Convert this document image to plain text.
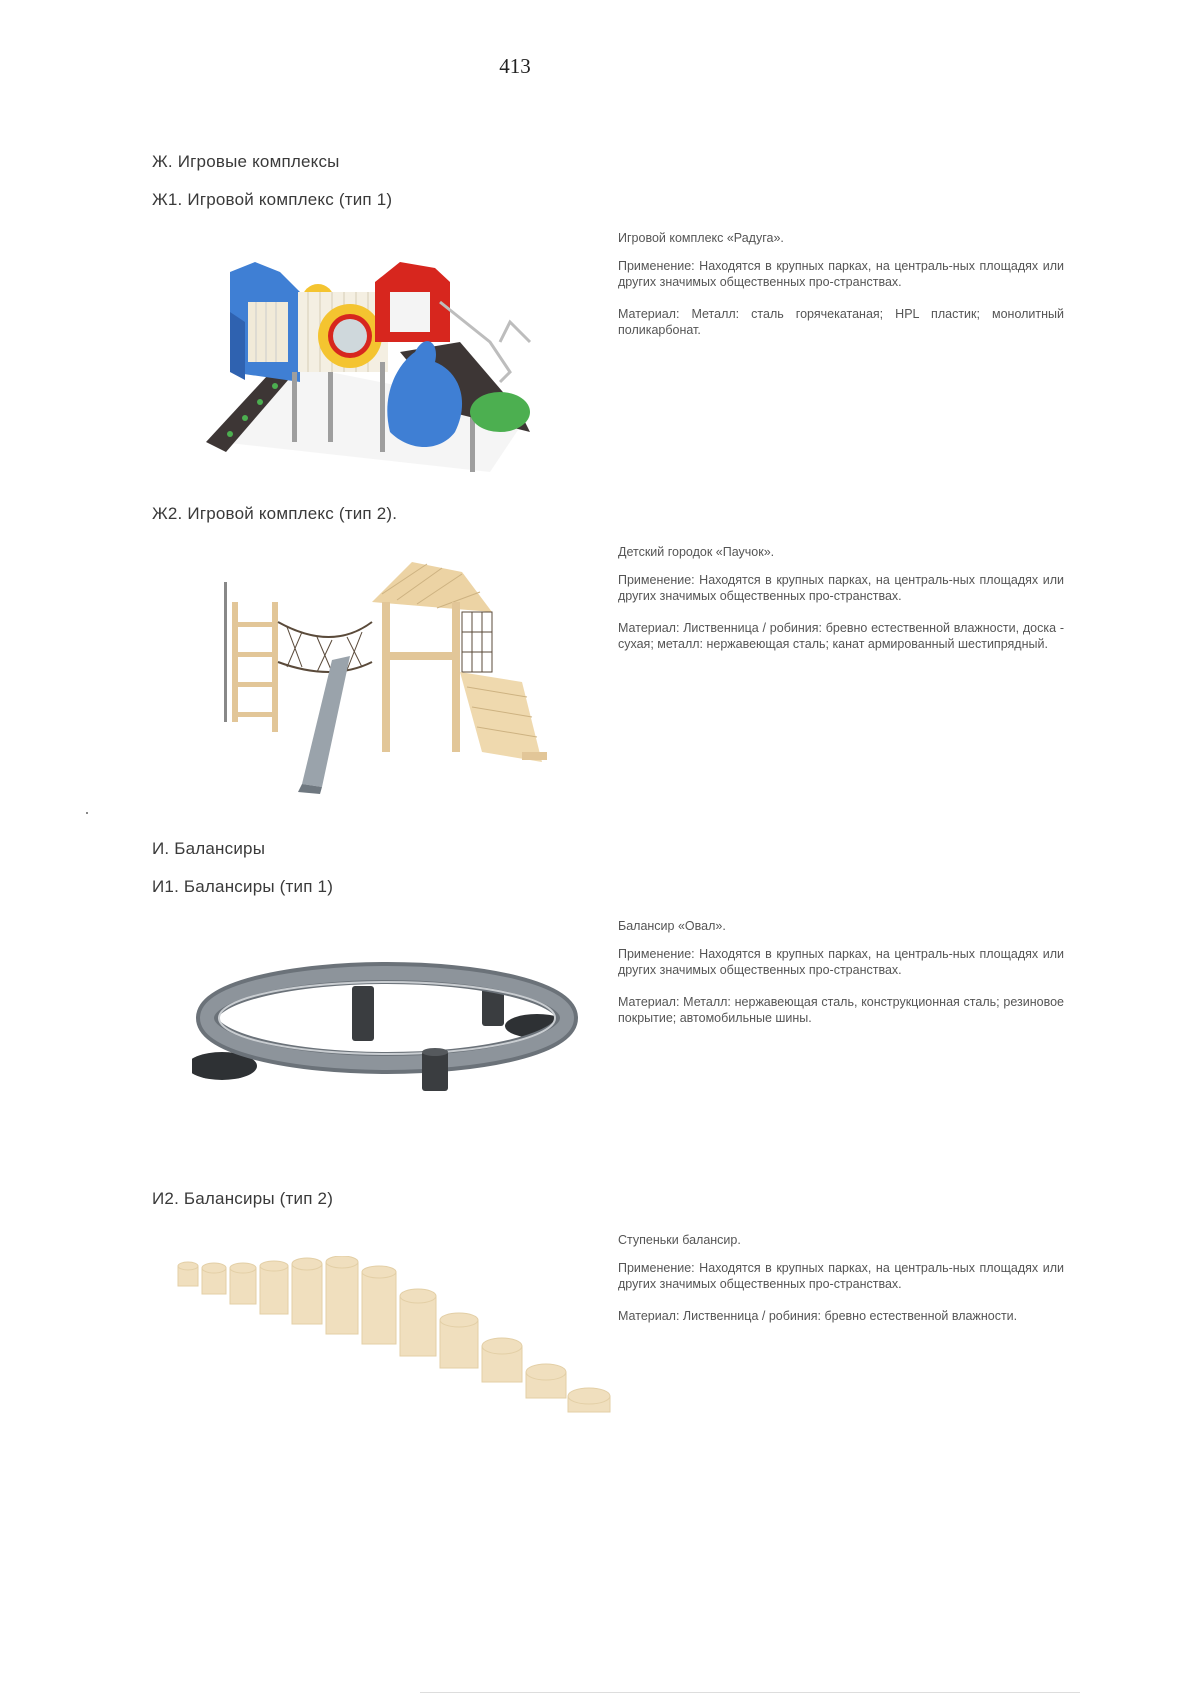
413
Ж. Игровые комплексы
Ж1. Игровой комплекс (тип 1)

Игровой комплекс «Радуга».

Применение: Находятся в крупных парках, на централь-ных площадях или других значимых общественных про-странствах.

Материал: Металл: сталь горячекатаная; HPL пластик; монолитный поликарбонат.

Ж2. Игровой комплекс (тип 2).

Детский городок «Паучок».

Применение: Находятся в крупных парках, на централь-ных площадях или других значимых общественных про-странствах.

Материал: Лиственница / робиния: бревно естественной влажности, доска - сухая; металл: нержавеющая сталь; канат армированный шестипрядный.

И. Балансиры
И1. Балансиры (тип 1)

Балансир «Овал».

Применение: Находятся в крупных парках, на централь-ных площадях или других значимых общественных про-странствах.

Материал: Металл: нержавеющая сталь, конструкционная сталь; резиновое покрытие; автомобильные шины.

И2. Балансиры (тип 2)

Ступеньки балансир.

Применение: Находятся в крупных парках, на централь-ных площадях или других значимых общественных про-странствах.

Материал: Лиственница / робиния: бревно естественной влажности.
